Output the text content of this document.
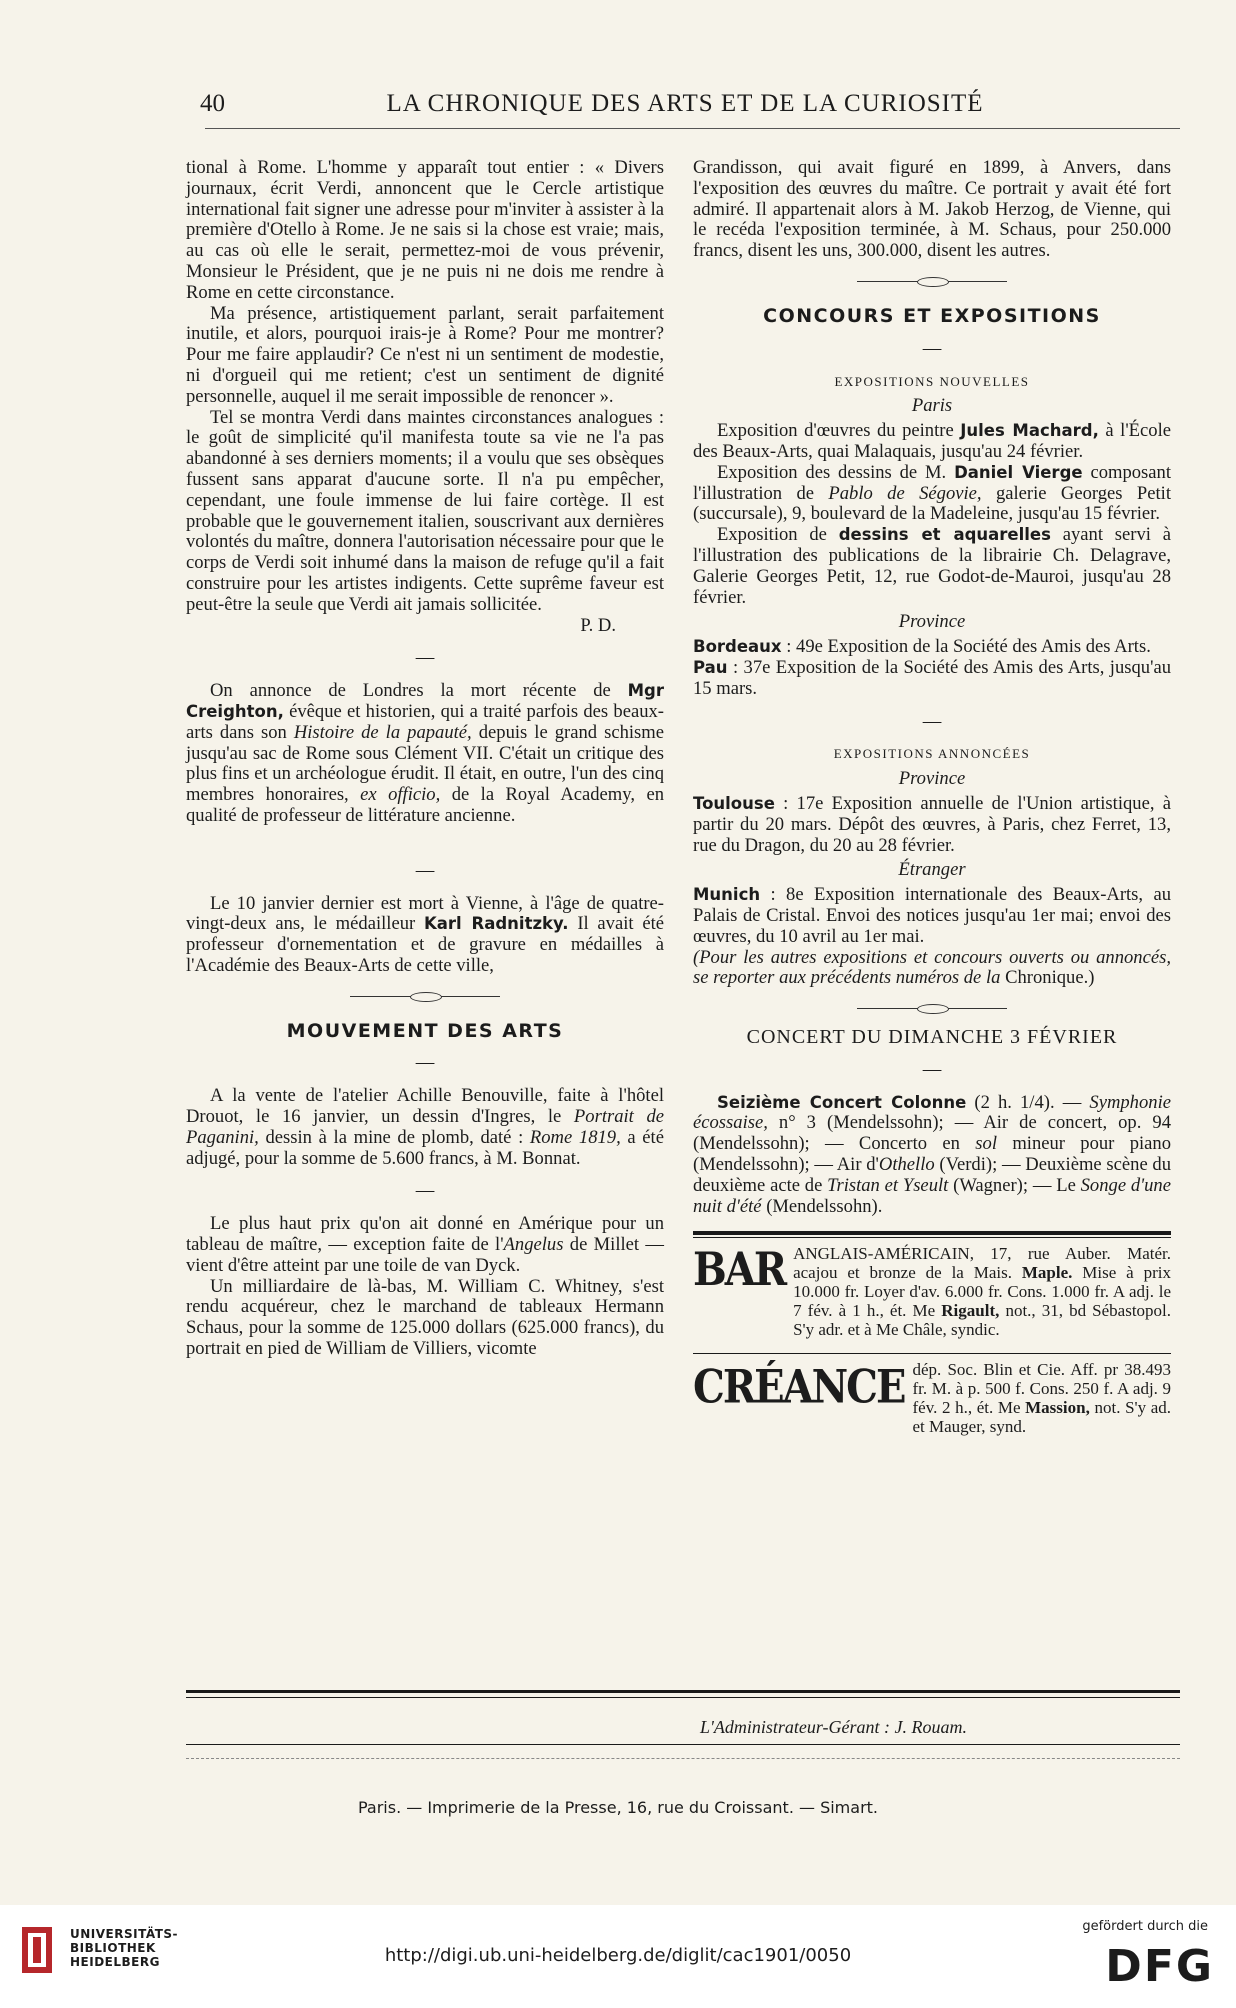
40	LA CHRONIQUE DES ARTS ET DE LA CURIOSITÉ

tional à Rome. L'homme y apparaît tout entier : « Divers journaux, écrit Verdi, annoncent que le Cercle artistique international fait signer une adresse pour m'inviter à assister à la première d'Otello à Rome. Je ne sais si la chose est vraie; mais, au cas où elle le serait, permettez-moi de vous prévenir, Monsieur le Président, que je ne puis ni ne dois me rendre à Rome en cette circonstance.

Ma présence, artistiquement parlant, serait parfaitement inutile, et alors, pourquoi irais-je à Rome? Pour me montrer? Pour me faire applaudir? Ce n'est ni un sentiment de modestie, ni d'orgueil qui me retient; c'est un sentiment de dignité personnelle, auquel il me serait impossible de renoncer ».

Tel se montra Verdi dans maintes circonstances analogues : le goût de simplicité qu'il manifesta toute sa vie ne l'a pas abandonné à ses derniers moments; il a voulu que ses obsèques fussent sans apparat d'aucune sorte. Il n'a pu empêcher, cependant, une foule immense de lui faire cortège. Il est probable que le gouvernement italien, souscrivant aux dernières volontés du maître, donnera l'autorisation nécessaire pour que le corps de Verdi soit inhumé dans la maison de refuge qu'il a fait construire pour les artistes indigents. Cette suprême faveur est peut-être la seule que Verdi ait jamais sollicitée.

P. D.
—

On annonce de Londres la mort récente de Mgr Creighton, évêque et historien, qui a traité parfois des beaux-arts dans son Histoire de la papauté, depuis le grand schisme jusqu'au sac de Rome sous Clément VII. C'était un critique des plus fins et un archéologue érudit. Il était, en outre, l'un des cinq membres honoraires, ex officio, de la Royal Academy, en qualité de professeur de littérature ancienne.

—

Le 10 janvier dernier est mort à Vienne, à l'âge de quatre-vingt-deux ans, le médailleur Karl Radnitzky. Il avait été professeur d'ornementation et de gravure en médailles à l'Académie des Beaux-Arts de cette ville,

MOUVEMENT DES ARTS
—

A la vente de l'atelier Achille Benouville, faite à l'hôtel Drouot, le 16 janvier, un dessin d'Ingres, le Portrait de Paganini, dessin à la mine de plomb, daté : Rome 1819, a été adjugé, pour la somme de 5.600 francs, à M. Bonnat.

—

Le plus haut prix qu'on ait donné en Amérique pour un tableau de maître, — exception faite de l'Angelus de Millet — vient d'être atteint par une toile de van Dyck.

Un milliardaire de là-bas, M. William C. Whitney, s'est rendu acquéreur, chez le marchand de tableaux Hermann Schaus, pour la somme de 125.000 dollars (625.000 francs), du portrait en pied de William de Villiers, vicomte

Grandisson, qui avait figuré en 1899, à Anvers, dans l'exposition des œuvres du maître. Ce portrait y avait été fort admiré. Il appartenait alors à M. Jakob Herzog, de Vienne, qui le recéda l'exposition terminée, à M. Schaus, pour 250.000 francs, disent les uns, 300.000, disent les autres.

CONCOURS ET EXPOSITIONS
—
EXPOSITIONS NOUVELLES
Paris

Exposition d'œuvres du peintre Jules Machard, à l'École des Beaux-Arts, quai Malaquais, jusqu'au 24 février.

Exposition des dessins de M. Daniel Vierge composant l'illustration de Pablo de Ségovie, galerie Georges Petit (succursale), 9, boulevard de la Madeleine, jusqu'au 15 février.

Exposition de dessins et aquarelles ayant servi à l'illustration des publications de la librairie Ch. Delagrave, Galerie Georges Petit, 12, rue Godot-de-Mauroi, jusqu'au 28 février.

Province

Bordeaux : 49e Exposition de la Société des Amis des Arts.

Pau : 37e Exposition de la Société des Amis des Arts, jusqu'au 15 mars.

—
EXPOSITIONS ANNONCÉES
Province

Toulouse : 17e Exposition annuelle de l'Union artistique, à partir du 20 mars. Dépôt des œuvres, à Paris, chez Ferret, 13, rue du Dragon, du 20 au 28 février.

Étranger

Munich : 8e Exposition internationale des Beaux-Arts, au Palais de Cristal. Envoi des notices jusqu'au 1er mai; envoi des œuvres, du 10 avril au 1er mai.

(Pour les autres expositions et concours ouverts ou annoncés, se reporter aux précédents numéros de la Chronique.)

CONCERT DU DIMANCHE 3 FÉVRIER
—

Seizième Concert Colonne (2 h. 1/4). — Symphonie écossaise, n° 3 (Mendelssohn); — Air de concert, op. 94 (Mendelssohn); — Concerto en sol mineur pour piano (Mendelssohn); — Air d'Othello (Verdi); — Deuxième scène du deuxième acte de Tristan et Yseult (Wagner); — Le Songe d'une nuit d'été (Mendelssohn).

BAR ANGLAIS-AMÉRICAIN, 17, rue Auber. Matér. acajou et bronze de la Mais. Maple. Mise à prix 10.000 fr. Loyer d'av. 6.000 fr. Cons. 1.000 fr. A adj. le 7 fév. à 1 h., ét. Me Rigault, not., 31, bd Sébastopol. S'y adr. et à Me Châle, syndic.
CRÉANCE dép. Soc. Blin et Cie. Aff. pr 38.493 fr. M. à p. 500 f. Cons. 250 f. A adj. 9 fév. 2 h., ét. Me Massion, not. S'y ad. et Mauger, synd.
L'Administrateur-Gérant : J. Rouam.
Paris. — Imprimerie de la Presse, 16, rue du Croissant. — Simart.
UNIVERSITÄTS-
BIBLIOTHEK
HEIDELBERG	http://digi.ub.uni-heidelberg.de/diglit/cac1901/0050
gefördert durch die
DFG
